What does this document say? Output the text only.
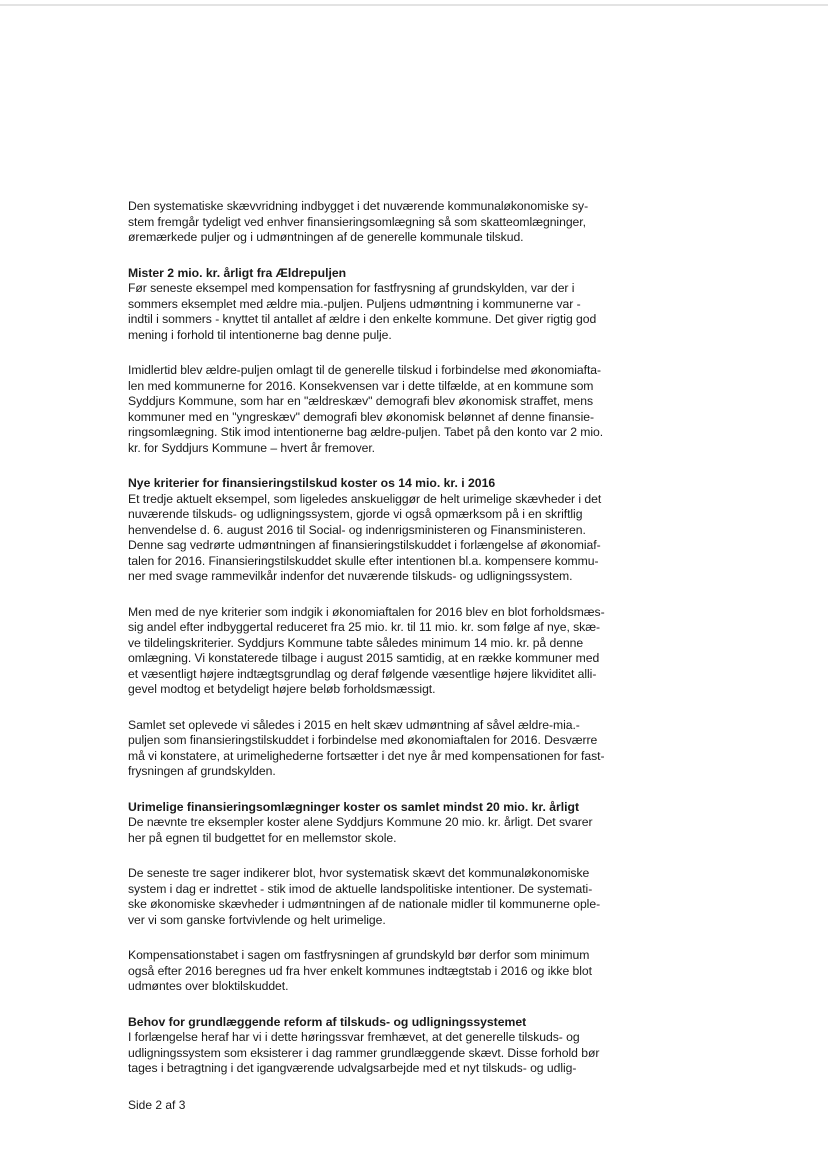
Den systematiske skævvridning indbygget i det nuværende kommunaløkonomiske sy-
stem fremgår tydeligt ved enhver finansieringsomlægning så som skatteomlægninger,
øremærkede puljer og i udmøntningen af de generelle kommunale tilskud.
Mister 2 mio. kr. årligt fra Ældrepuljen
Før seneste eksempel med kompensation for fastfrysning af grundskylden, var der i
sommers eksemplet med ældre mia.-puljen. Puljens udmøntning i kommunerne var -
indtil i sommers - knyttet til antallet af ældre i den enkelte kommune. Det giver rigtig god
mening i forhold til intentionerne bag denne pulje.
Imidlertid blev ældre-puljen omlagt til de generelle tilskud i forbindelse med økonomiafta-
len med kommunerne for 2016. Konsekvensen var i dette tilfælde, at en kommune som
Syddjurs Kommune, som har en "ældreskæv" demografi blev økonomisk straffet, mens
kommuner med en "yngreskæv" demografi blev økonomisk belønnet af denne finansie-
ringsomlægning. Stik imod intentionerne bag ældre-puljen. Tabet på den konto var 2 mio.
kr. for Syddjurs Kommune – hvert år fremover.
Nye kriterier for finansieringstilskud koster os 14 mio. kr. i 2016
Et tredje aktuelt eksempel, som ligeledes anskueliggør de helt urimelige skævheder i det
nuværende tilskuds- og udligningssystem, gjorde vi også opmærksom på i en skriftlig
henvendelse d. 6. august 2016 til Social- og indenrigsministeren og Finansministeren.
Denne sag vedrørte udmøntningen af finansieringstilskuddet i forlængelse af økonomiaf-
talen for 2016. Finansieringstilskuddet skulle efter intentionen bl.a. kompensere kommu-
ner med svage rammevilkår indenfor det nuværende tilskuds- og udligningssystem.
Men med de nye kriterier som indgik i økonomiaftalen for 2016 blev en blot forholdsmæs-
sig andel efter indbyggertal reduceret fra 25 mio. kr. til 11 mio. kr. som følge af nye, skæ-
ve tildelingskriterier. Syddjurs Kommune tabte således minimum 14 mio. kr. på denne
omlægning. Vi konstaterede tilbage i august 2015 samtidig, at en række kommuner med
et væsentligt højere indtægtsgrundlag og deraf følgende væsentlige højere likviditet alli-
gevel modtog et betydeligt højere beløb forholdsmæssigt.
Samlet set oplevede vi således i 2015 en helt skæv udmøntning af såvel ældre-mia.-
puljen som finansieringstilskuddet i forbindelse med økonomiaftalen for 2016. Desværre
må vi konstatere, at urimelighederne fortsætter i det nye år med kompensationen for fast-
frysningen af grundskylden.
Urimelige finansieringsomlægninger koster os samlet mindst 20 mio. kr. årligt
De nævnte tre eksempler koster alene Syddjurs Kommune 20 mio. kr. årligt. Det svarer
her på egnen til budgettet for en mellemstor skole.
De seneste tre sager indikerer blot, hvor systematisk skævt det kommunaløkonomiske
system i dag er indrettet - stik imod de aktuelle landspolitiske intentioner. De systemati-
ske økonomiske skævheder i udmøntningen af de nationale midler til kommunerne ople-
ver vi som ganske fortvivlende og helt urimelige.
Kompensationstabet i sagen om fastfrysningen af grundskyld bør derfor som minimum
også efter 2016 beregnes ud fra hver enkelt kommunes indtægtstab i 2016 og ikke blot
udmøntes over bloktilskuddet.
Behov for grundlæggende reform af tilskuds- og udligningssystemet
I forlængelse heraf har vi i dette høringssvar fremhævet, at det generelle tilskuds- og
udligningssystem som eksisterer i dag rammer grundlæggende skævt. Disse forhold bør
tages i betragtning i det igangværende udvalgsarbejde med et nyt tilskuds- og udlig-
Side 2 af 3
